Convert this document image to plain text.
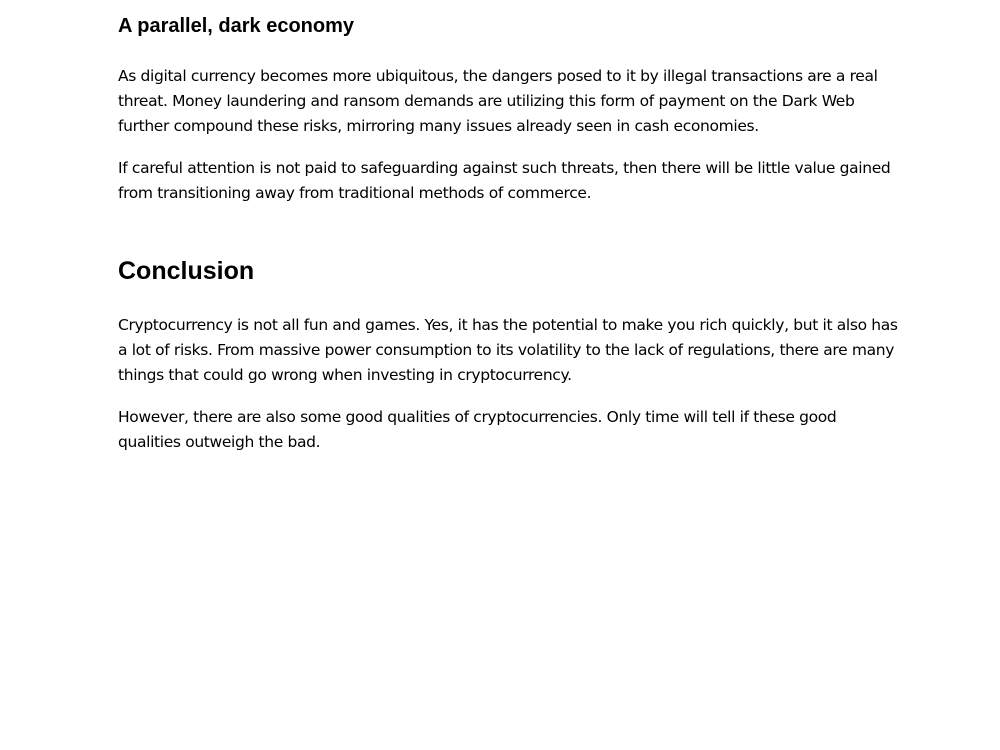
A parallel, dark economy

As digital currency becomes more ubiquitous, the dangers posed to it by illegal transactions are a real
threat. Money laundering and ransom demands are utilizing this form of payment on the Dark Web
further compound these risks, mirroring many issues already seen in cash economies.

If careful attention is not paid to safeguarding against such threats, then there will be little value gained
from transitioning away from traditional methods of commerce.

Conclusion

Cryptocurrency is not all fun and games. Yes, it has the potential to make you rich quickly, but it also has
a lot of risks. From massive power consumption to its volatility to the lack of regulations, there are many
things that could go wrong when investing in cryptocurrency.

However, there are also some good qualities of cryptocurrencies. Only time will tell if these good
qualities outweigh the bad.
